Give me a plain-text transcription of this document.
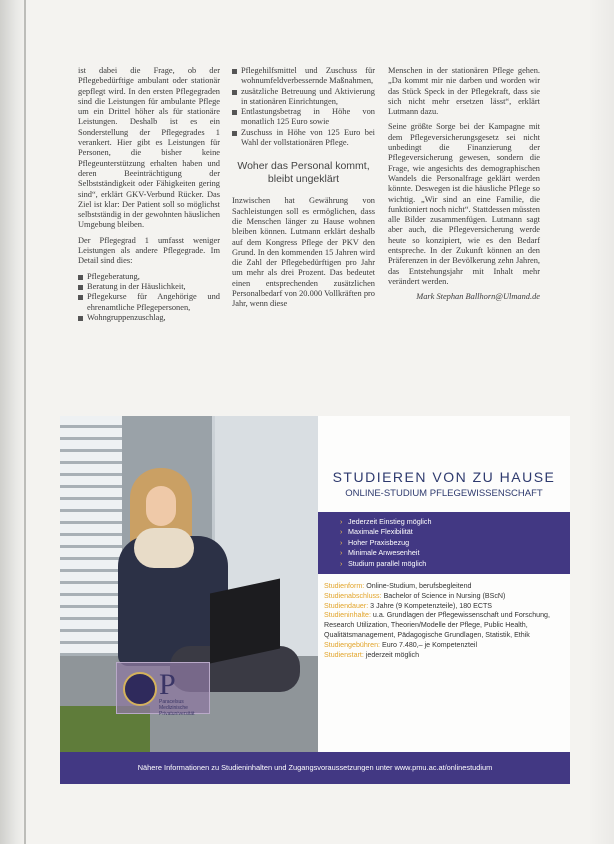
ist dabei die Frage, ob der Pflegebedürftige ambulant oder stationär gepflegt wird. In den ersten Pflegegraden sind die Leistungen für ambulante Pflege um ein Drittel höher als für stationäre Leistungen. Deshalb ist es ein Sonderstellung der Pflegegrades 1 verankert. Hier gibt es Leistungen für Personen, die bisher keine Pflegeunterstützung erhalten haben und deren Beeinträchtigung der Selbstständigkeit oder Fähigkeiten gering sind“, erklärt GKV-Verbund Rücker. Das Ziel ist klar: Der Patient soll so möglichst selbstständig in der gewohnten häuslichen Umgebung bleiben.

Der Pflegegrad 1 umfasst weniger Leistungen als andere Pflegegrade. Im Detail sind dies:

Pflegeberatung,
Beratung in der Häuslichkeit,
Pflegekurse für Angehörige und ehrenamtliche Pflegepersonen,
Wohngruppenzuschlag,
Pflegehilfsmittel und Zuschuss für wohnumfeldverbessernde Maßnahmen,
zusätzliche Betreuung und Aktivierung in stationären Einrichtungen,
Entlastungsbetrag in Höhe von monatlich 125 Euro sowie
Zuschuss in Höhe von 125 Euro bei Wahl der vollstationären Pflege.
Woher das Personal kommt, bleibt ungeklärt

Inzwischen hat Gewährung von Sachleistungen soll es ermöglichen, dass die Menschen länger zu Hause wohnen bleiben können. Lutmann erklärt deshalb auf dem Kongress Pflege der PKV den Grund. In den kommenden 15 Jahren wird die Zahl der Pflegebedürftigen pro Jahr um mehr als drei Prozent. Das bedeutet einen entsprechenden zusätzlichen Personalbedarf von 20.000 Vollkräften pro Jahr, wenn diese

Menschen in der stationären Pflege gehen. „Da kommt mir nie darben und worden wir das Stück Speck in der Pflegekraft, dass sie sich nicht mehr ersetzen lässt“, erklärt Lutmann dazu.

Seine größte Sorge bei der Kampagne mit dem Pflegeversicherungsgesetz sei nicht unbedingt die Finanzierung der Pflegeversicherung gewesen, sondern die Frage, wie angesichts des demographischen Wandels die Personalfrage geklärt werden könnte. Deswegen ist die häusliche Pflege so wichtig. „Wir sind an eine Familie, die funktioniert noch nicht“. Stattdessen müssten alle Bilder zusammenfügen. Lutmann sagt aber auch, die Pflegeversicherung werde heute so konzipiert, wie es den Bedarf entspreche. In der Zukunft können an den Präferenzen in der Bevölkerung zehn Jahren, das Entstehungsjahr mit Inhalt mehr verändert werden.

Mark Stephan Ballhorn@Ulmand.de
P
Paracelsus Medizinische Privatuniversität
STUDIEREN VON ZU HAUSE
ONLINE-STUDIUM PFLEGEWISSENSCHAFT
› Jederzeit Einstieg möglich
› Maximale Flexibilität
› Hoher Praxisbezug
› Minimale Anwesenheit
› Studium parallel möglich

Studienform: Online-Studium, berufsbegleitend

Studienabschluss: Bachelor of Science in Nursing (BScN)

Studiendauer: 3 Jahre (9 Kompetenzteile), 180 ECTS

Studieninhalte: u.a. Grundlagen der Pflegewissenschaft und Forschung, Research Utilization, Theorien/Modelle der Pflege, Public Health, Qualitätsmanagement, Pädagogische Grundlagen, Statistik, Ethik

Studiengebühren: Euro 7.480,– je Kompetenzteil

Studienstart: jederzeit möglich

Nähere Informationen zu Studieninhalten und Zugangsvoraussetzungen unter www.pmu.ac.at/onlinestudium
